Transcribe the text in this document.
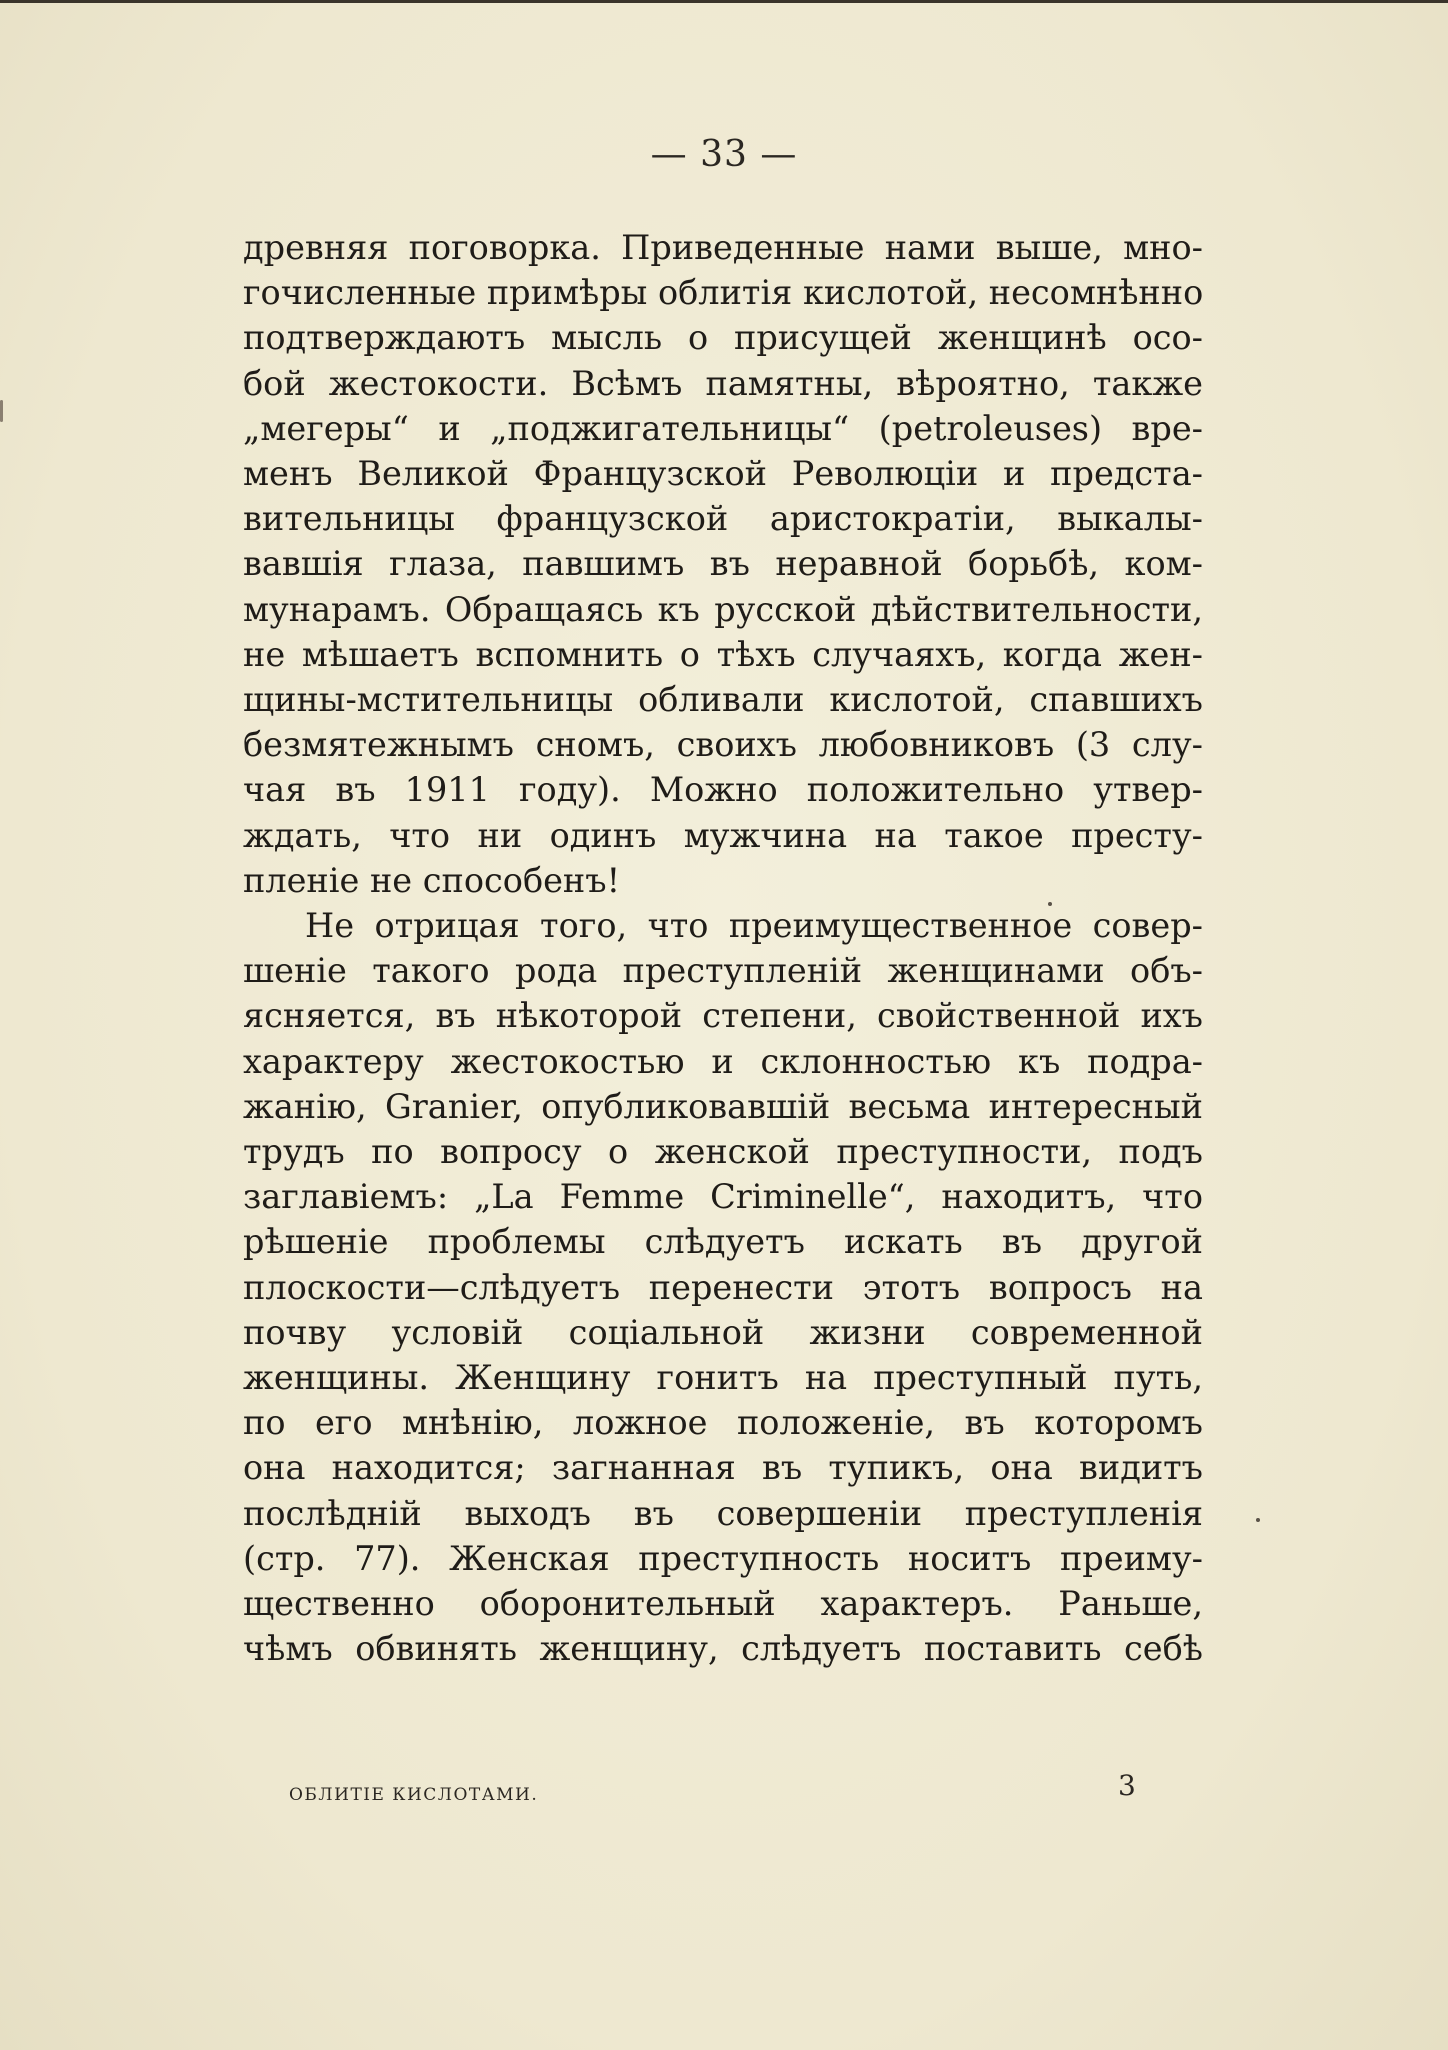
— 33 —
древняя поговорка. Приведенные нами выше, мно-
гочисленные примѣры облитія кислотой, несомнѣнно
подтверждаютъ мысль о присущей женщинѣ осо-
бой жестокости. Всѣмъ памятны, вѣроятно, также
„мегеры“ и „поджигательницы“ (petroleuses) вре-
менъ Великой Французской Революціи и предста-
вительницы французской аристократіи, выкалы-
вавшія глаза, павшимъ въ неравной борьбѣ, ком-
мунарамъ. Обращаясь къ русской дѣйствительности,
не мѣшаетъ вспомнить о тѣхъ случаяхъ, когда жен-
щины-мстительницы обливали кислотой, спавшихъ
безмятежнымъ сномъ, своихъ любовниковъ (3 слу-
чая въ 1911 году). Можно положительно утвер-
ждать, что ни одинъ мужчина на такое престу-
пленіе не способенъ!
Не отрицая того, что преимущественное совер-
шеніе такого рода преступленій женщинами объ-
ясняется, въ нѣкоторой степени, свойственной ихъ
характеру жестокостью и склонностью къ подра-
жанію, Granier, опубликовавшій весьма интересный
трудъ по вопросу о женской преступности, подъ
заглавіемъ: „La Femme Criminelle“, находитъ, что
рѣшеніе проблемы слѣдуетъ искать въ другой
плоскости—слѣдуетъ перенести этотъ вопросъ на
почву условій соціальной жизни современной
женщины. Женщину гонитъ на преступный путь,
по его мнѣнію, ложное положеніе, въ которомъ
она находится; загнанная въ тупикъ, она видитъ
послѣдній выходъ въ совершеніи преступленія
(стр. 77). Женская преступность носитъ преиму-
щественно оборонительный характеръ. Раньше,
чѣмъ обвинять женщину, слѣдуетъ поставить себѣ
ОБЛИТІЕ КИСЛОТАМИ.	3
